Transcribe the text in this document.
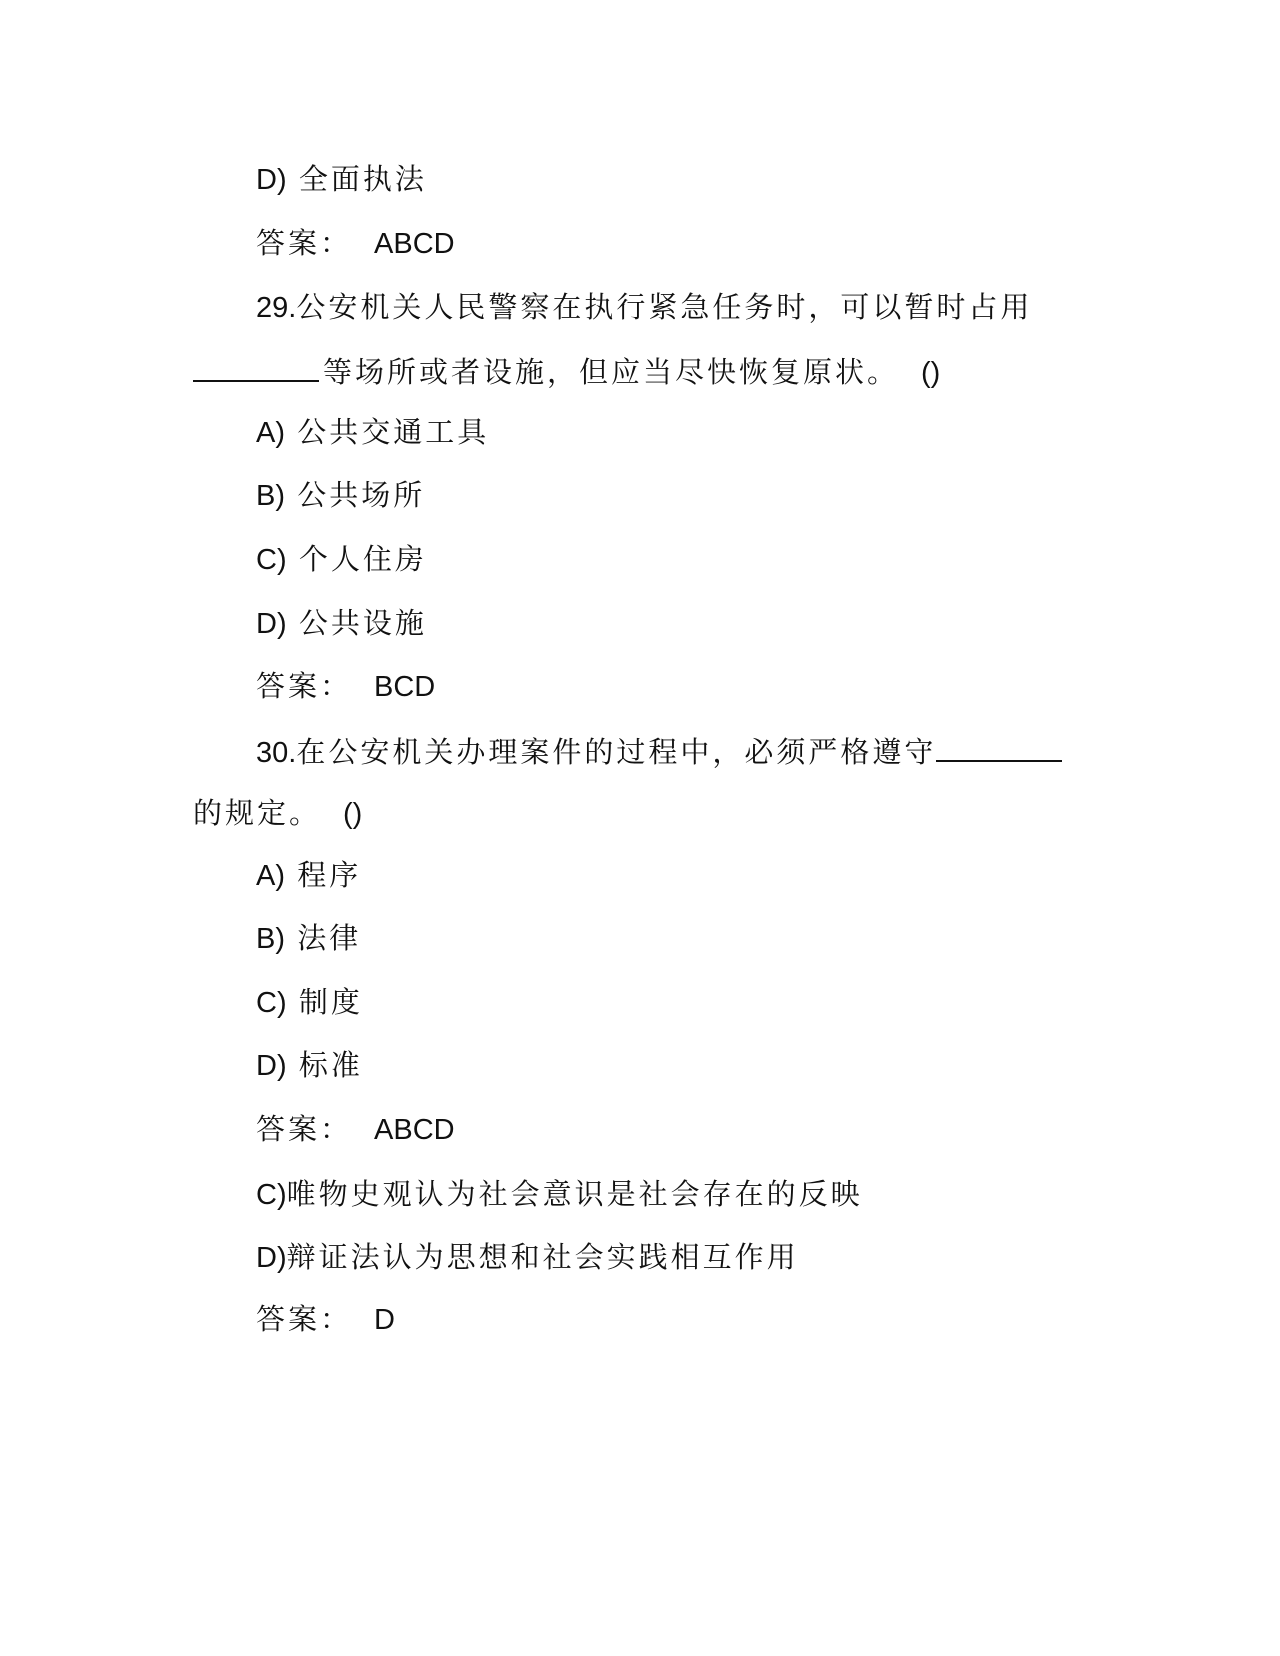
D) 全面执法
答案： ABCD
29.公安机关人民警察在执行紧急任务时，可以暂时占用
等场所或者设施，但应当尽快恢复原状。 ()
A) 公共交通工具
B) 公共场所
C) 个人住房
D) 公共设施
答案： BCD
30.在公安机关办理案件的过程中，必须严格遵守
的规定。 ()
A) 程序
B) 法律
C) 制度
D) 标准
答案： ABCD
C)唯物史观认为社会意识是社会存在的反映
D)辩证法认为思想和社会实践相互作用
答案： D
